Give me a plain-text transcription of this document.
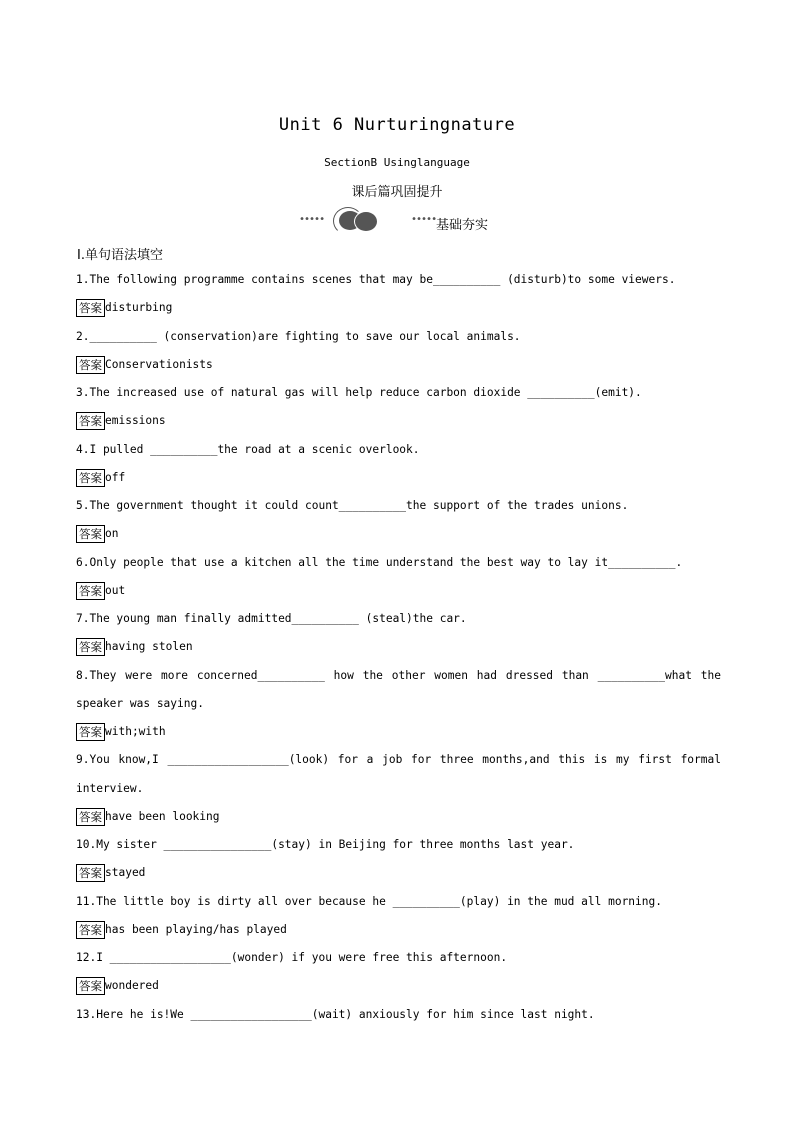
Unit 6 Nurturingnature
SectionB Usinglanguage
课后篇巩固提升
•••••	••••• 基础夯实
Ⅰ.单句语法填空

1.The following programme contains scenes that may be__________ (disturb)to some viewers.

答案 disturbing

2.__________ (conservation)are fighting to save our local animals.

答案 Conservationists

3.The increased use of natural gas will help reduce carbon dioxide __________(emit).

答案 emissions

4.I pulled __________the road at a scenic overlook.

答案 off

5.The government thought it could count__________the support of the trades unions.

答案 on

6.Only people that use a kitchen all the time understand the best way to lay it__________.

答案 out

7.The young man finally admitted__________ (steal)the car.

答案 having stolen

8.They were more concerned__________ how the other women had dressed than __________what the speaker was saying.

答案 with;with

9.You know,I __________________(look) for a job for three months,and this is my first formal interview.

答案 have been looking

10.My sister ________________(stay) in Beijing for three months last year.

答案 stayed

11.The little boy is dirty all over because he __________(play) in the mud all morning.

答案 has been playing/has played

12.I __________________(wonder) if you were free this afternoon.

答案 wondered

13.Here he is!We __________________(wait) anxiously for him since last night.
